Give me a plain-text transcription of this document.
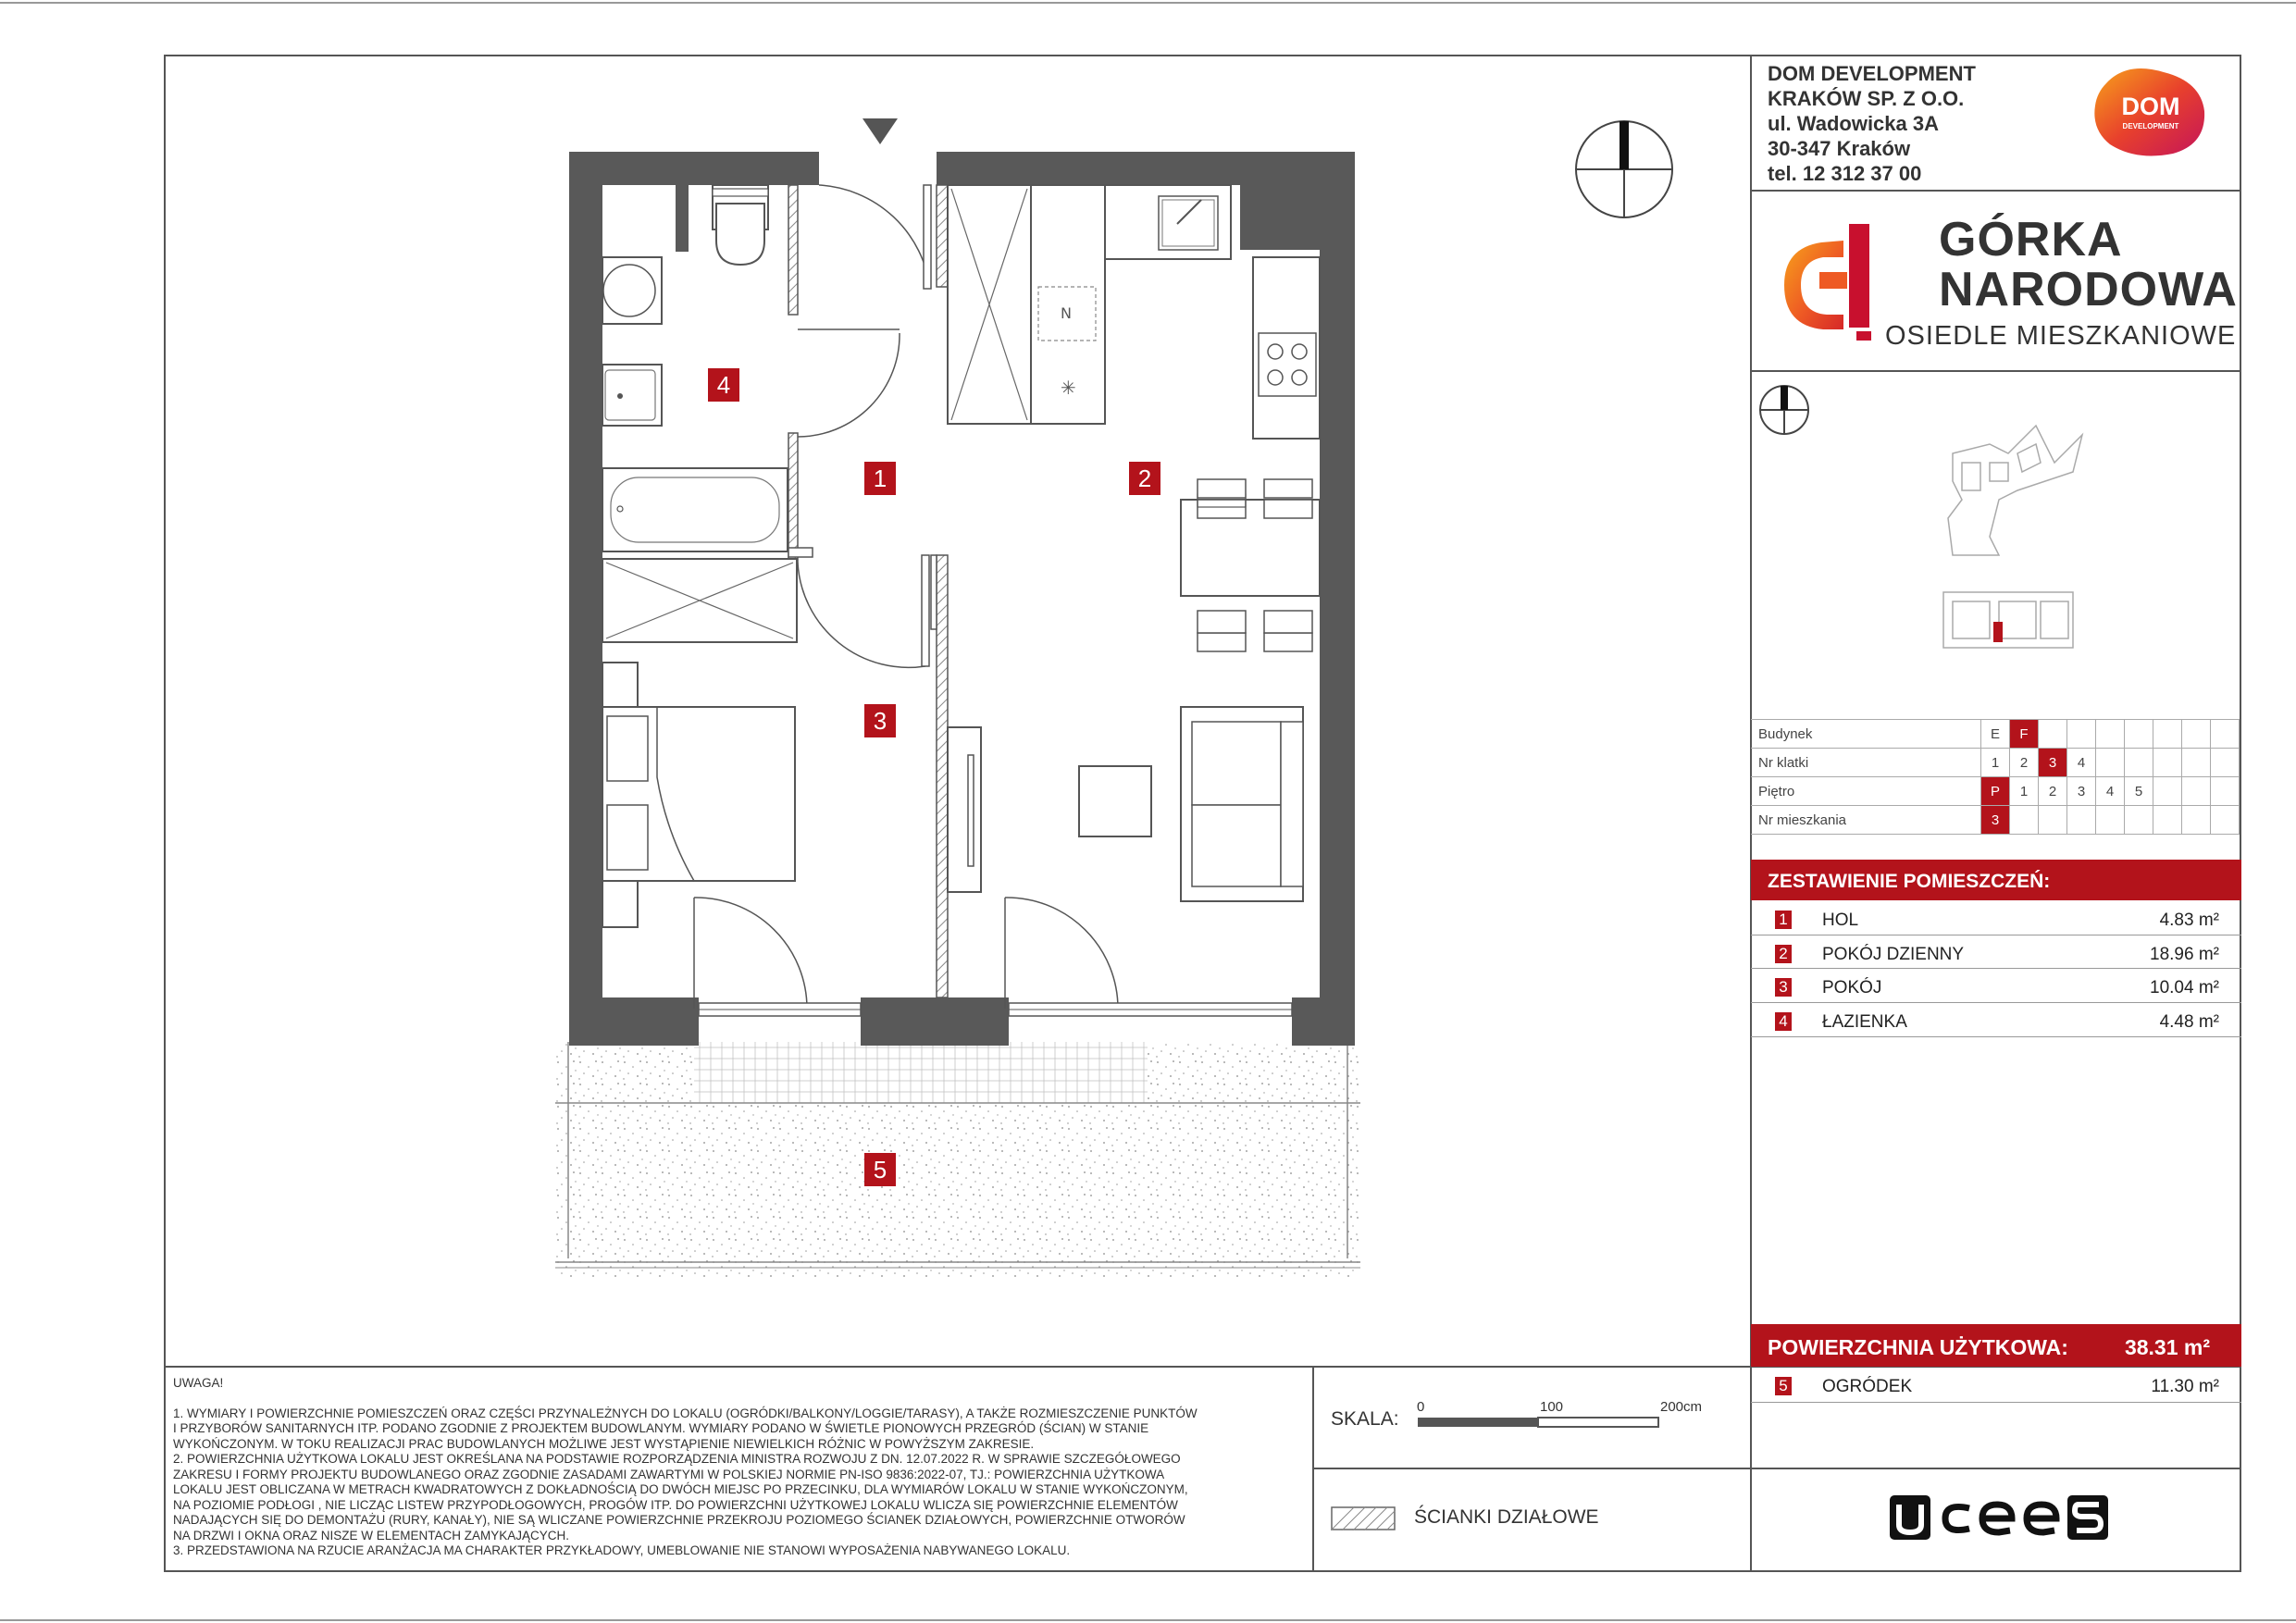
DOM DEVELOPMENT
KRAKÓW SP. Z O.O.
ul. Wadowicka 3A
30-347 Kraków
tel. 12 312 37 00
DOM
DEVELOPMENT
GÓRKA
NARODOWA
OSIEDLE MIESZKANIOWE
Budynek	E	F							
Nr klatki	1	2	3	4					
Piętro	P	1	2	3	4	5			
Nr mieszkania	3								
ZESTAWIENIE POMIESZCZEŃ:
1 HOL	4.83 m²
2 POKÓJ DZIENNY	18.96 m²
3 POKÓJ	10.04 m²
4 ŁAZIENKA	4.48 m²
POWIERZCHNIA UŻYTKOWA:	38.31 m²
5 OGRÓDEK	11.30 m²
UWAGA!
1. WYMIARY I POWIERZCHNIE POMIESZCZEŃ ORAZ CZĘŚCI PRZYNALEŻNYCH DO LOKALU (OGRÓDKI/BALKONY/LOGGIE/TARASY), A TAKŻE ROZMIESZCZENIE PUNKTÓW
I PRZYBORÓW SANITARNYCH ITP. PODANO ZGODNIE Z PROJEKTEM BUDOWLANYM. WYMIARY PODANO W ŚWIETLE PIONOWYCH PRZEGRÓD (ŚCIAN) W STANIE
WYKOŃCZONYM. W TOKU REALIZACJI PRAC BUDOWLANYCH MOŻLIWE JEST WYSTĄPIENIE NIEWIELKICH RÓŻNIC W POWYŻSZYM ZAKRESIE.
2. POWIERZCHNIA UŻYTKOWA LOKALU JEST OKREŚLANA NA PODSTAWIE ROZPORZĄDZENIA MINISTRA ROZWOJU Z DN. 12.07.2022 R. W SPRAWIE SZCZEGÓŁOWEGO
ZAKRESU I FORMY PROJEKTU BUDOWLANEGO ORAZ ZGODNIE ZASADAMI ZAWARTYMI W POLSKIEJ NORMIE PN-ISO 9836:2022-07, TJ.: POWIERZCHNIA UŻYTKOWA
LOKALU JEST OBLICZANA W METRACH KWADRATOWYCH Z DOKŁADNOŚCIĄ DO DWÓCH MIEJSC PO PRZECINKU, DLA WYMIARÓW LOKALU W STANIE WYKOŃCZONYM,
NA POZIOMIE PODŁOGI , NIE LICZĄC LISTEW PRZYPODŁOGOWYCH, PROGÓW ITP. DO POWIERZCHNI UŻYTKOWEJ LOKALU WLICZA SIĘ POWIERZCHNIE ELEMENTÓW
NADAJĄCYCH SIĘ DO DEMONTAŻU (RURY, KANAŁY), NIE SĄ WLICZANE POWIERZCHNIE PRZEKROJU POZIOMEGO ŚCIANEK DZIAŁOWYCH, POWIERZCHNIE OTWORÓW
NA DRZWI I OKNA ORAZ NISZE W ELEMENTACH ZAMYKAJĄCYCH.
3. PRZEDSTAWIONA NA RZUCIE ARANŻACJA MA CHARAKTER PRZYKŁADOWY, UMEBLOWANIE NIE STANOWI WYPOSAŻENIA NABYWANEGO LOKALU.
SKALA:
0	100	200cm
ŚCIANKI DZIAŁOWE
N
✳
1	2
3
4
5
